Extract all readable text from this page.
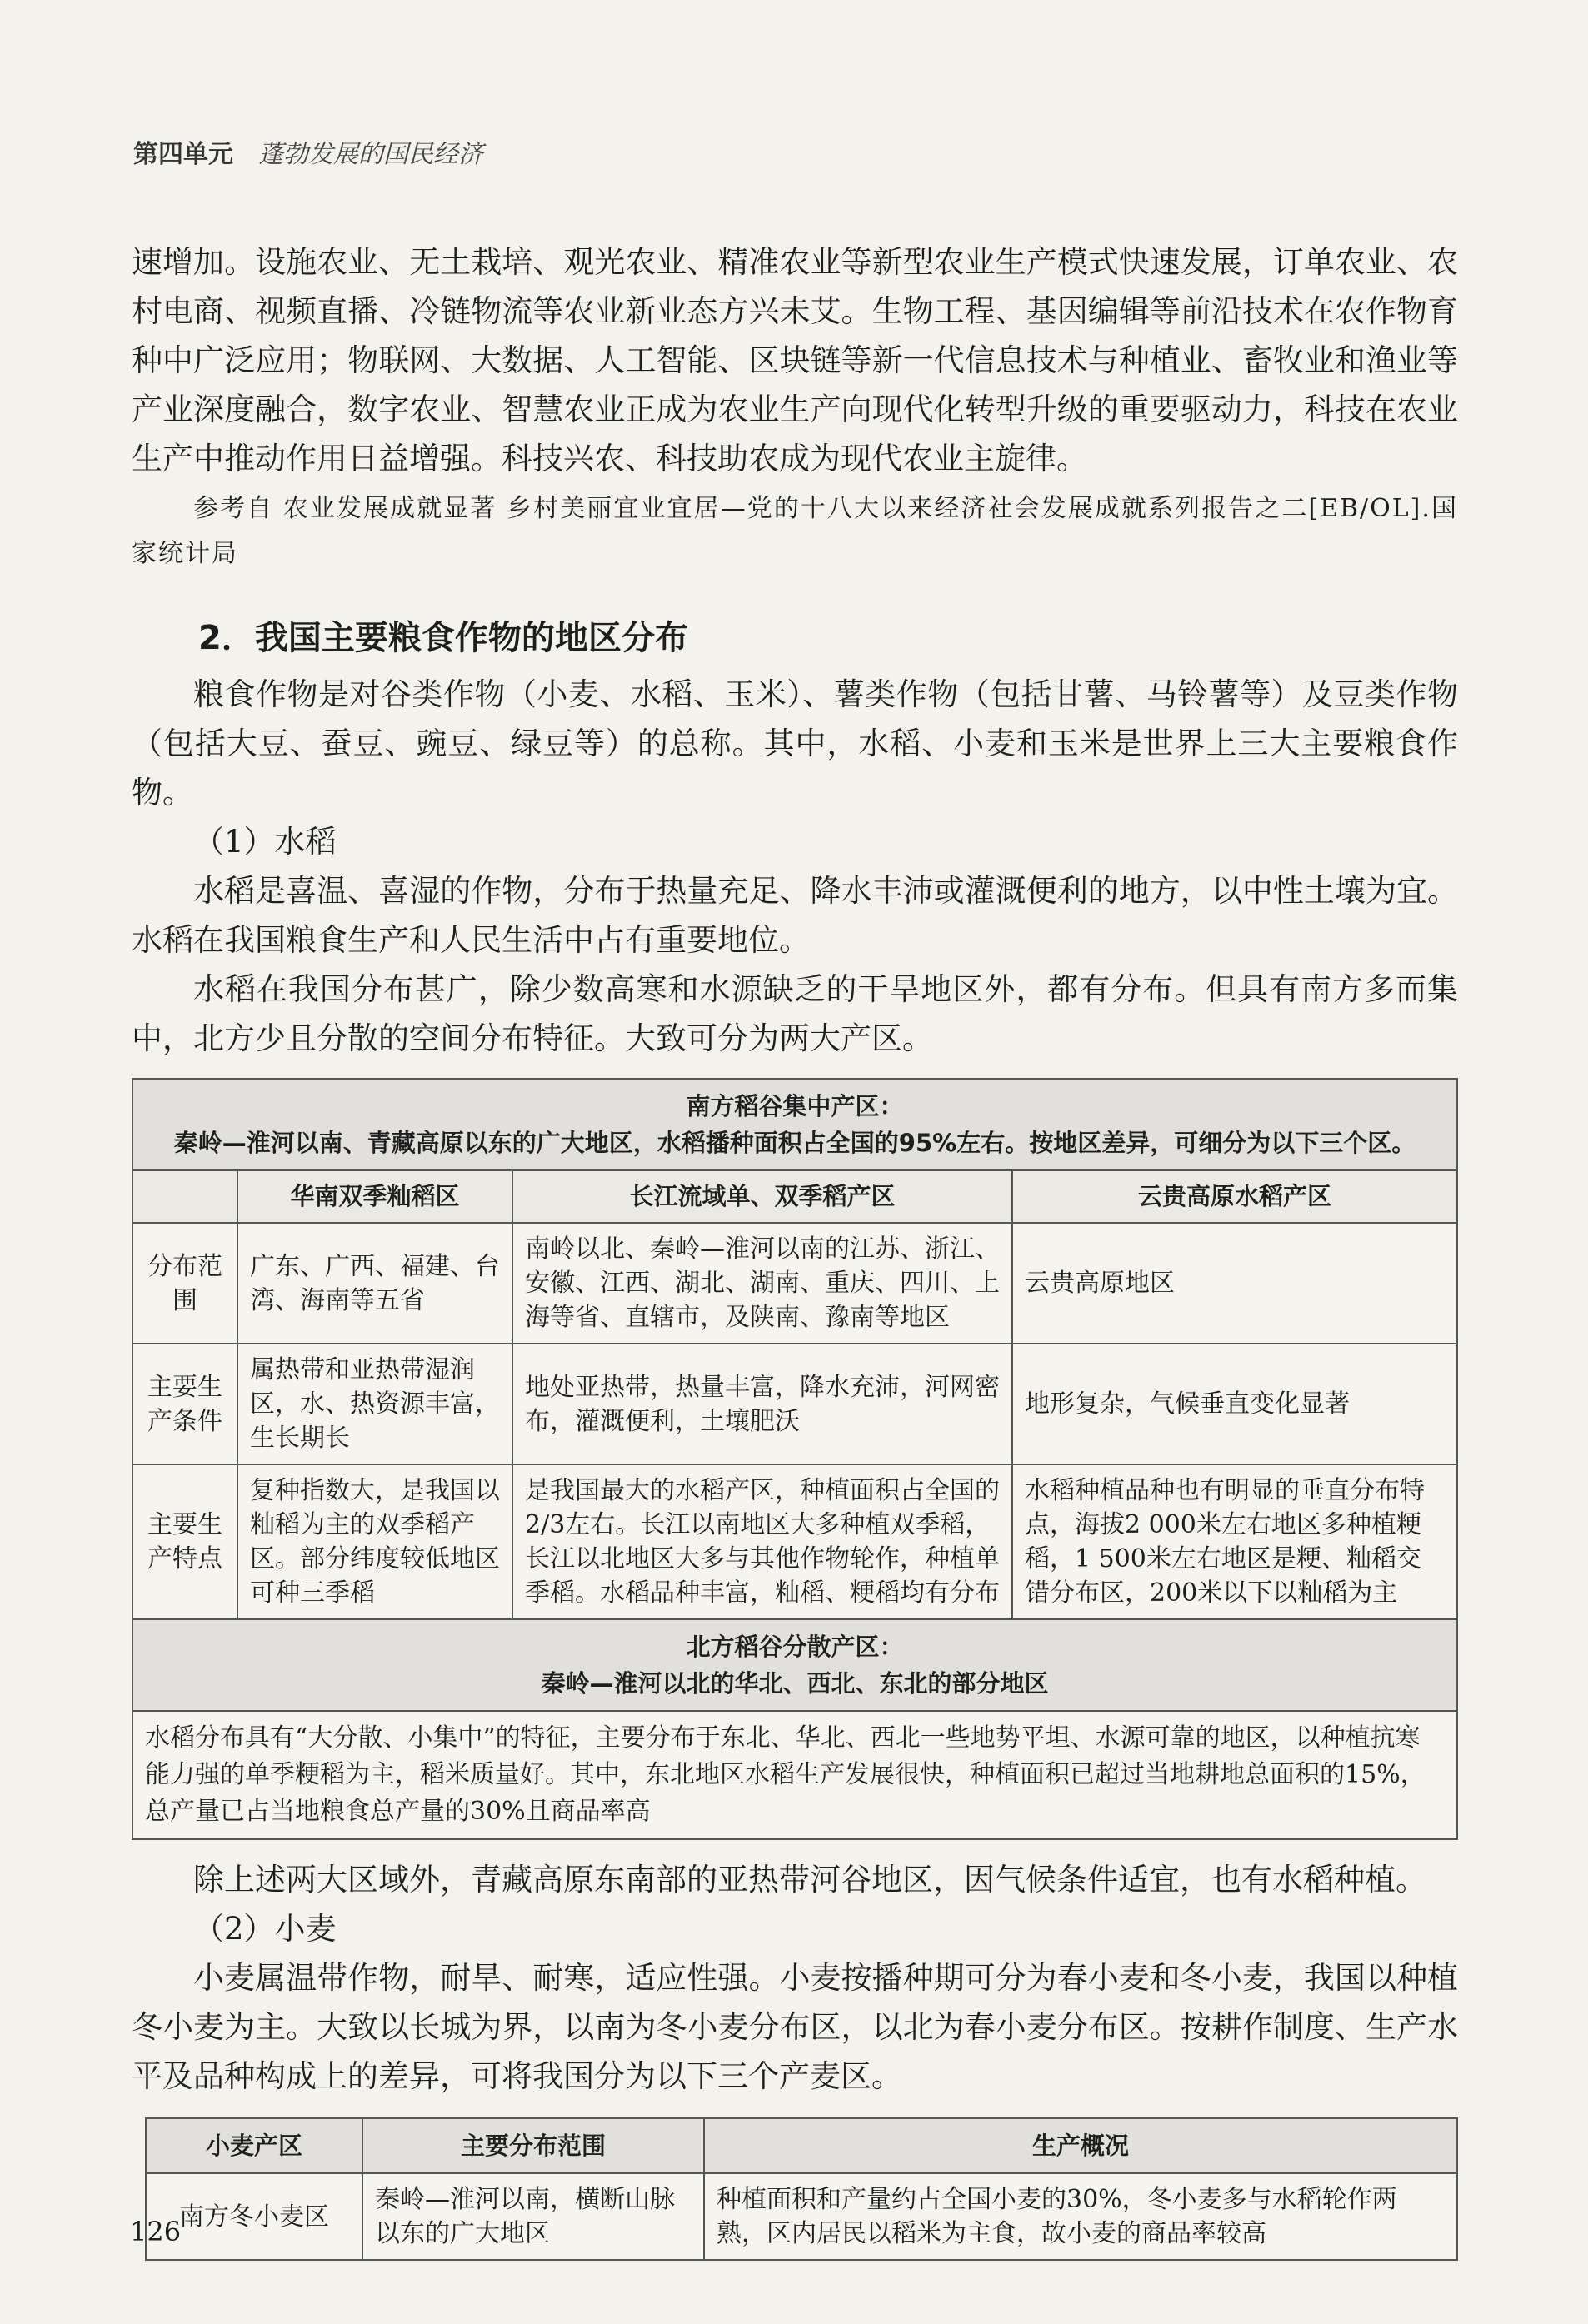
第四单元 蓬勃发展的国民经济

速增加。设施农业、无土栽培、观光农业、精准农业等新型农业生产模式快速发展，订单农业、农村电商、视频直播、冷链物流等农业新业态方兴未艾。生物工程、基因编辑等前沿技术在农作物育种中广泛应用；物联网、大数据、人工智能、区块链等新一代信息技术与种植业、畜牧业和渔业等产业深度融合，数字农业、智慧农业正成为农业生产向现代化转型升级的重要驱动力，科技在农业生产中推动作用日益增强。科技兴农、科技助农成为现代农业主旋律。

参考自 农业发展成就显著 乡村美丽宜业宜居—党的十八大以来经济社会发展成就系列报告之二[EB/OL].国家统计局

2．我国主要粮食作物的地区分布

粮食作物是对谷类作物（小麦、水稻、玉米）、薯类作物（包括甘薯、马铃薯等）及豆类作物（包括大豆、蚕豆、豌豆、绿豆等）的总称。其中，水稻、小麦和玉米是世界上三大主要粮食作物。

（1）水稻

水稻是喜温、喜湿的作物，分布于热量充足、降水丰沛或灌溉便利的地方，以中性土壤为宜。水稻在我国粮食生产和人民生活中占有重要地位。

水稻在我国分布甚广，除少数高寒和水源缺乏的干旱地区外，都有分布。但具有南方多而集中，北方少且分散的空间分布特征。大致可分为两大产区。

南方稻谷集中产区：
秦岭—淮河以南、青藏高原以东的广大地区，水稻播种面积占全国的95%左右。按地区差异，可细分为以下三个区。			

	华南双季籼稻区	长江流域单、双季稻产区	云贵高原水稻产区
分布范围	广东、广西、福建、台湾、海南等五省	南岭以北、秦岭—淮河以南的江苏、浙江、安徽、江西、湖北、湖南、重庆、四川、上海等省、直辖市，及陕南、豫南等地区	云贵高原地区
主要生产条件	属热带和亚热带湿润区，水、热资源丰富，生长期长	地处亚热带，热量丰富，降水充沛，河网密布，灌溉便利，土壤肥沃	地形复杂，气候垂直变化显著
主要生产特点	复种指数大，是我国以籼稻为主的双季稻产区。部分纬度较低地区可种三季稻	是我国最大的水稻产区，种植面积占全国的2/3左右。长江以南地区大多种植双季稻，长江以北地区大多与其他作物轮作，种植单季稻。水稻品种丰富，籼稻、粳稻均有分布	水稻种植品种也有明显的垂直分布特点，海拔2 000米左右地区多种植粳稻，1 500米左右地区是粳、籼稻交错分布区，200米以下以籼稻为主

北方稻谷分散产区：
秦岭—淮河以北的华北、西北、东北的部分地区			

水稻分布具有“大分散、小集中”的特征，主要分布于东北、华北、西北一些地势平坦、水源可靠的地区，以种植抗寒能力强的单季粳稻为主，稻米质量好。其中，东北地区水稻生产发展很快，种植面积已超过当地耕地总面积的15%，总产量已占当地粮食总产量的30%且商品率高			

除上述两大区域外，青藏高原东南部的亚热带河谷地区，因气候条件适宜，也有水稻种植。

（2）小麦

小麦属温带作物，耐旱、耐寒，适应性强。小麦按播种期可分为春小麦和冬小麦，我国以种植冬小麦为主。大致以长城为界，以南为冬小麦分布区，以北为春小麦分布区。按耕作制度、生产水平及品种构成上的差异，可将我国分为以下三个产麦区。

小麦产区	主要分布范围	生产概况
南方冬小麦区	秦岭—淮河以南，横断山脉以东的广大地区	种植面积和产量约占全国小麦的30%，冬小麦多与水稻轮作两熟，区内居民以稻米为主食，故小麦的商品率较高
126
